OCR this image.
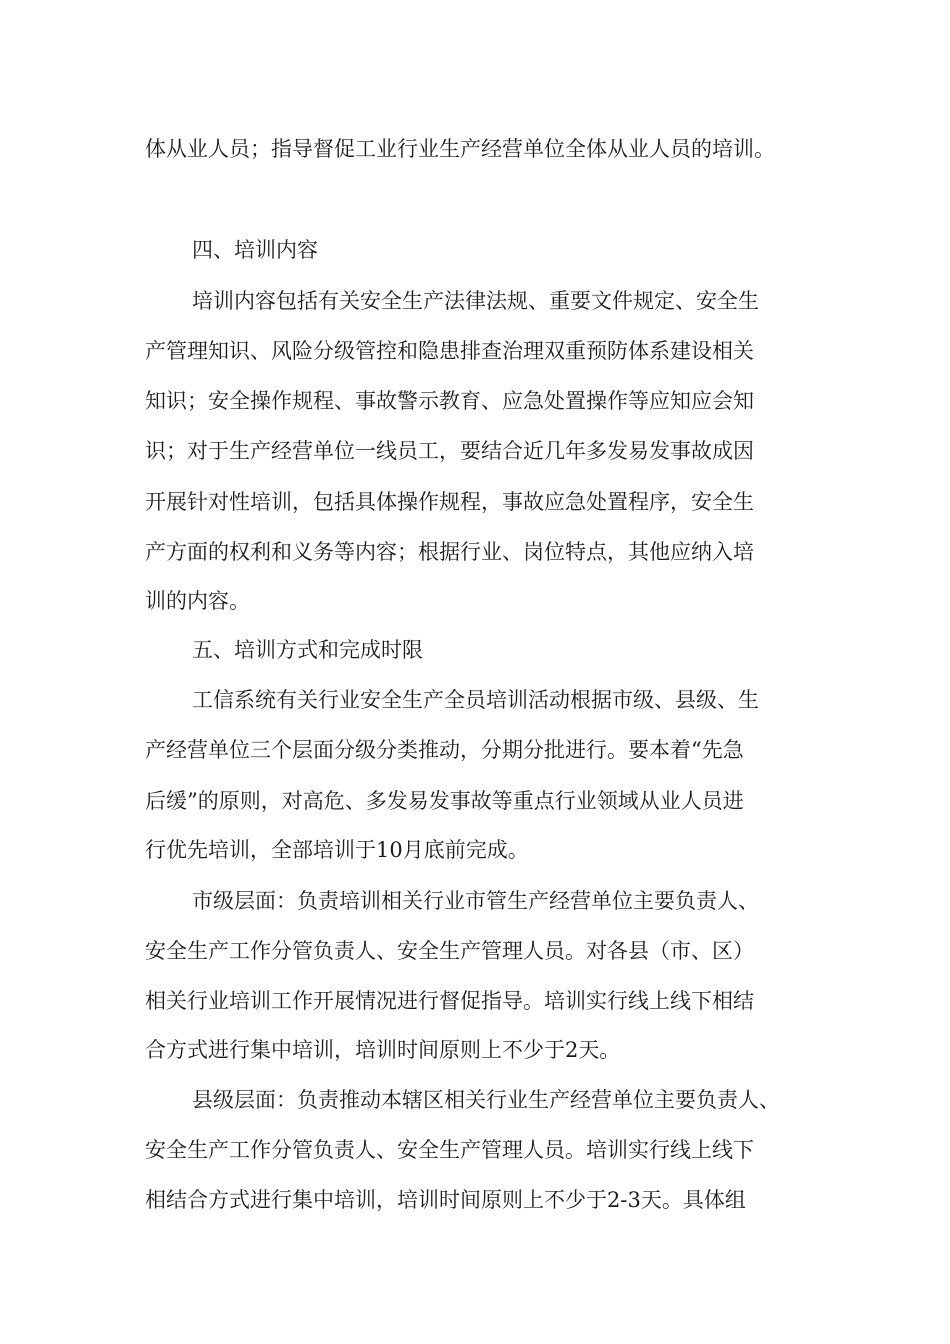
体从业人员；指导督促工业行业生产经营单位全体从业人员的培训。

四、培训内容

培训内容包括有关安全生产法律法规、重要文件规定、安全生

产管理知识、风险分级管控和隐患排查治理双重预防体系建设相关

知识；安全操作规程、事故警示教育、应急处置操作等应知应会知

识；对于生产经营单位一线员工，要结合近几年多发易发事故成因

开展针对性培训，包括具体操作规程，事故应急处置程序，安全生

产方面的权利和义务等内容；根据行业、岗位特点，其他应纳入培

训的内容。

五、培训方式和完成时限

工信系统有关行业安全生产全员培训活动根据市级、县级、生

产经营单位三个层面分级分类推动，分期分批进行。要本着“先急

后缓”的原则，对高危、多发易发事故等重点行业领域从业人员进

行优先培训，全部培训于10月底前完成。

市级层面：负责培训相关行业市管生产经营单位主要负责人、

安全生产工作分管负责人、安全生产管理人员。对各县（市、区）

相关行业培训工作开展情况进行督促指导。培训实行线上线下相结

合方式进行集中培训，培训时间原则上不少于2天。

县级层面：负责推动本辖区相关行业生产经营单位主要负责人、

安全生产工作分管负责人、安全生产管理人员。培训实行线上线下

相结合方式进行集中培训，培训时间原则上不少于2-3天。具体组
